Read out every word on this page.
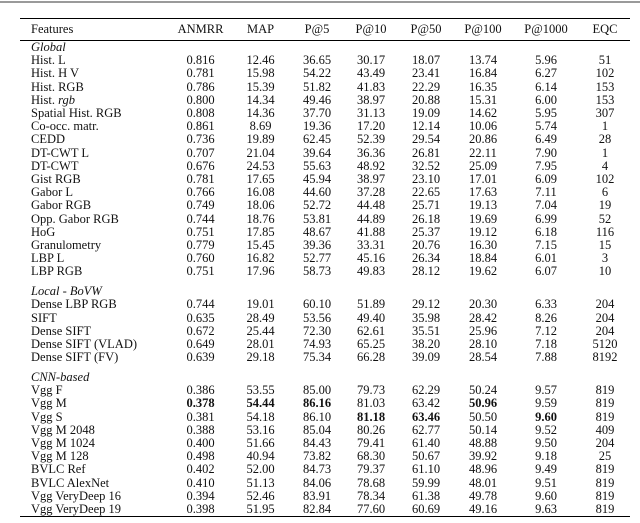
Features	ANMRR	MAP	P@5	P@10	P@50	P@100	P@1000	EQC
Global								
Hist. L	0.816	12.46	36.65	30.17	18.07	13.74	5.96	51
Hist. H V	0.781	15.98	54.22	43.49	23.41	16.84	6.27	102
Hist. RGB	0.786	15.39	51.82	41.83	22.29	16.35	6.14	153
Hist. rgb	0.800	14.34	49.46	38.97	20.88	15.31	6.00	153
Spatial Hist. RGB	0.808	14.36	37.70	31.13	19.09	14.62	5.95	307
Co-occ. matr.	0.861	8.69	19.36	17.20	12.14	10.06	5.74	1
CEDD	0.736	19.89	62.45	52.39	29.54	20.86	6.49	28
DT-CWT L	0.707	21.04	39.64	36.36	26.81	22.11	7.90	1
DT-CWT	0.676	24.53	55.63	48.92	32.52	25.09	7.95	4
Gist RGB	0.781	17.65	45.94	38.97	23.10	17.01	6.09	102
Gabor L	0.766	16.08	44.60	37.28	22.65	17.63	7.11	6
Gabor RGB	0.749	18.06	52.72	44.48	25.71	19.13	7.04	19
Opp. Gabor RGB	0.744	18.76	53.81	44.89	26.18	19.69	6.99	52
HoG	0.751	17.85	48.67	41.88	25.37	19.12	6.18	116
Granulometry	0.779	15.45	39.36	33.31	20.76	16.30	7.15	15
LBP L	0.760	16.82	52.77	45.16	26.34	18.84	6.01	3
LBP RGB	0.751	17.96	58.73	49.83	28.12	19.62	6.07	10

Local - BoVW								
Dense LBP RGB	0.744	19.01	60.10	51.89	29.12	20.30	6.33	204
SIFT	0.635	28.49	53.56	49.40	35.98	28.42	8.26	204
Dense SIFT	0.672	25.44	72.30	62.61	35.51	25.96	7.12	204
Dense SIFT (VLAD)	0.649	28.01	74.93	65.25	38.20	28.10	7.18	5120
Dense SIFT (FV)	0.639	29.18	75.34	66.28	39.09	28.54	7.88	8192

CNN-based								
Vgg F	0.386	53.55	85.00	79.73	62.29	50.24	9.57	819
Vgg M	0.378	54.44	86.16	81.03	63.42	50.96	9.59	819
Vgg S	0.381	54.18	86.10	81.18	63.46	50.50	9.60	819
Vgg M 2048	0.388	53.16	85.04	80.26	62.77	50.14	9.52	409
Vgg M 1024	0.400	51.66	84.43	79.41	61.40	48.88	9.50	204
Vgg M 128	0.498	40.94	73.82	68.30	50.67	39.92	9.18	25
BVLC Ref	0.402	52.00	84.73	79.37	61.10	48.96	9.49	819
BVLC AlexNet	0.410	51.13	84.06	78.68	59.99	48.01	9.51	819
Vgg VeryDeep 16	0.394	52.46	83.91	78.34	61.38	49.78	9.60	819
Vgg VeryDeep 19	0.398	51.95	82.84	77.60	60.69	49.16	9.63	819
